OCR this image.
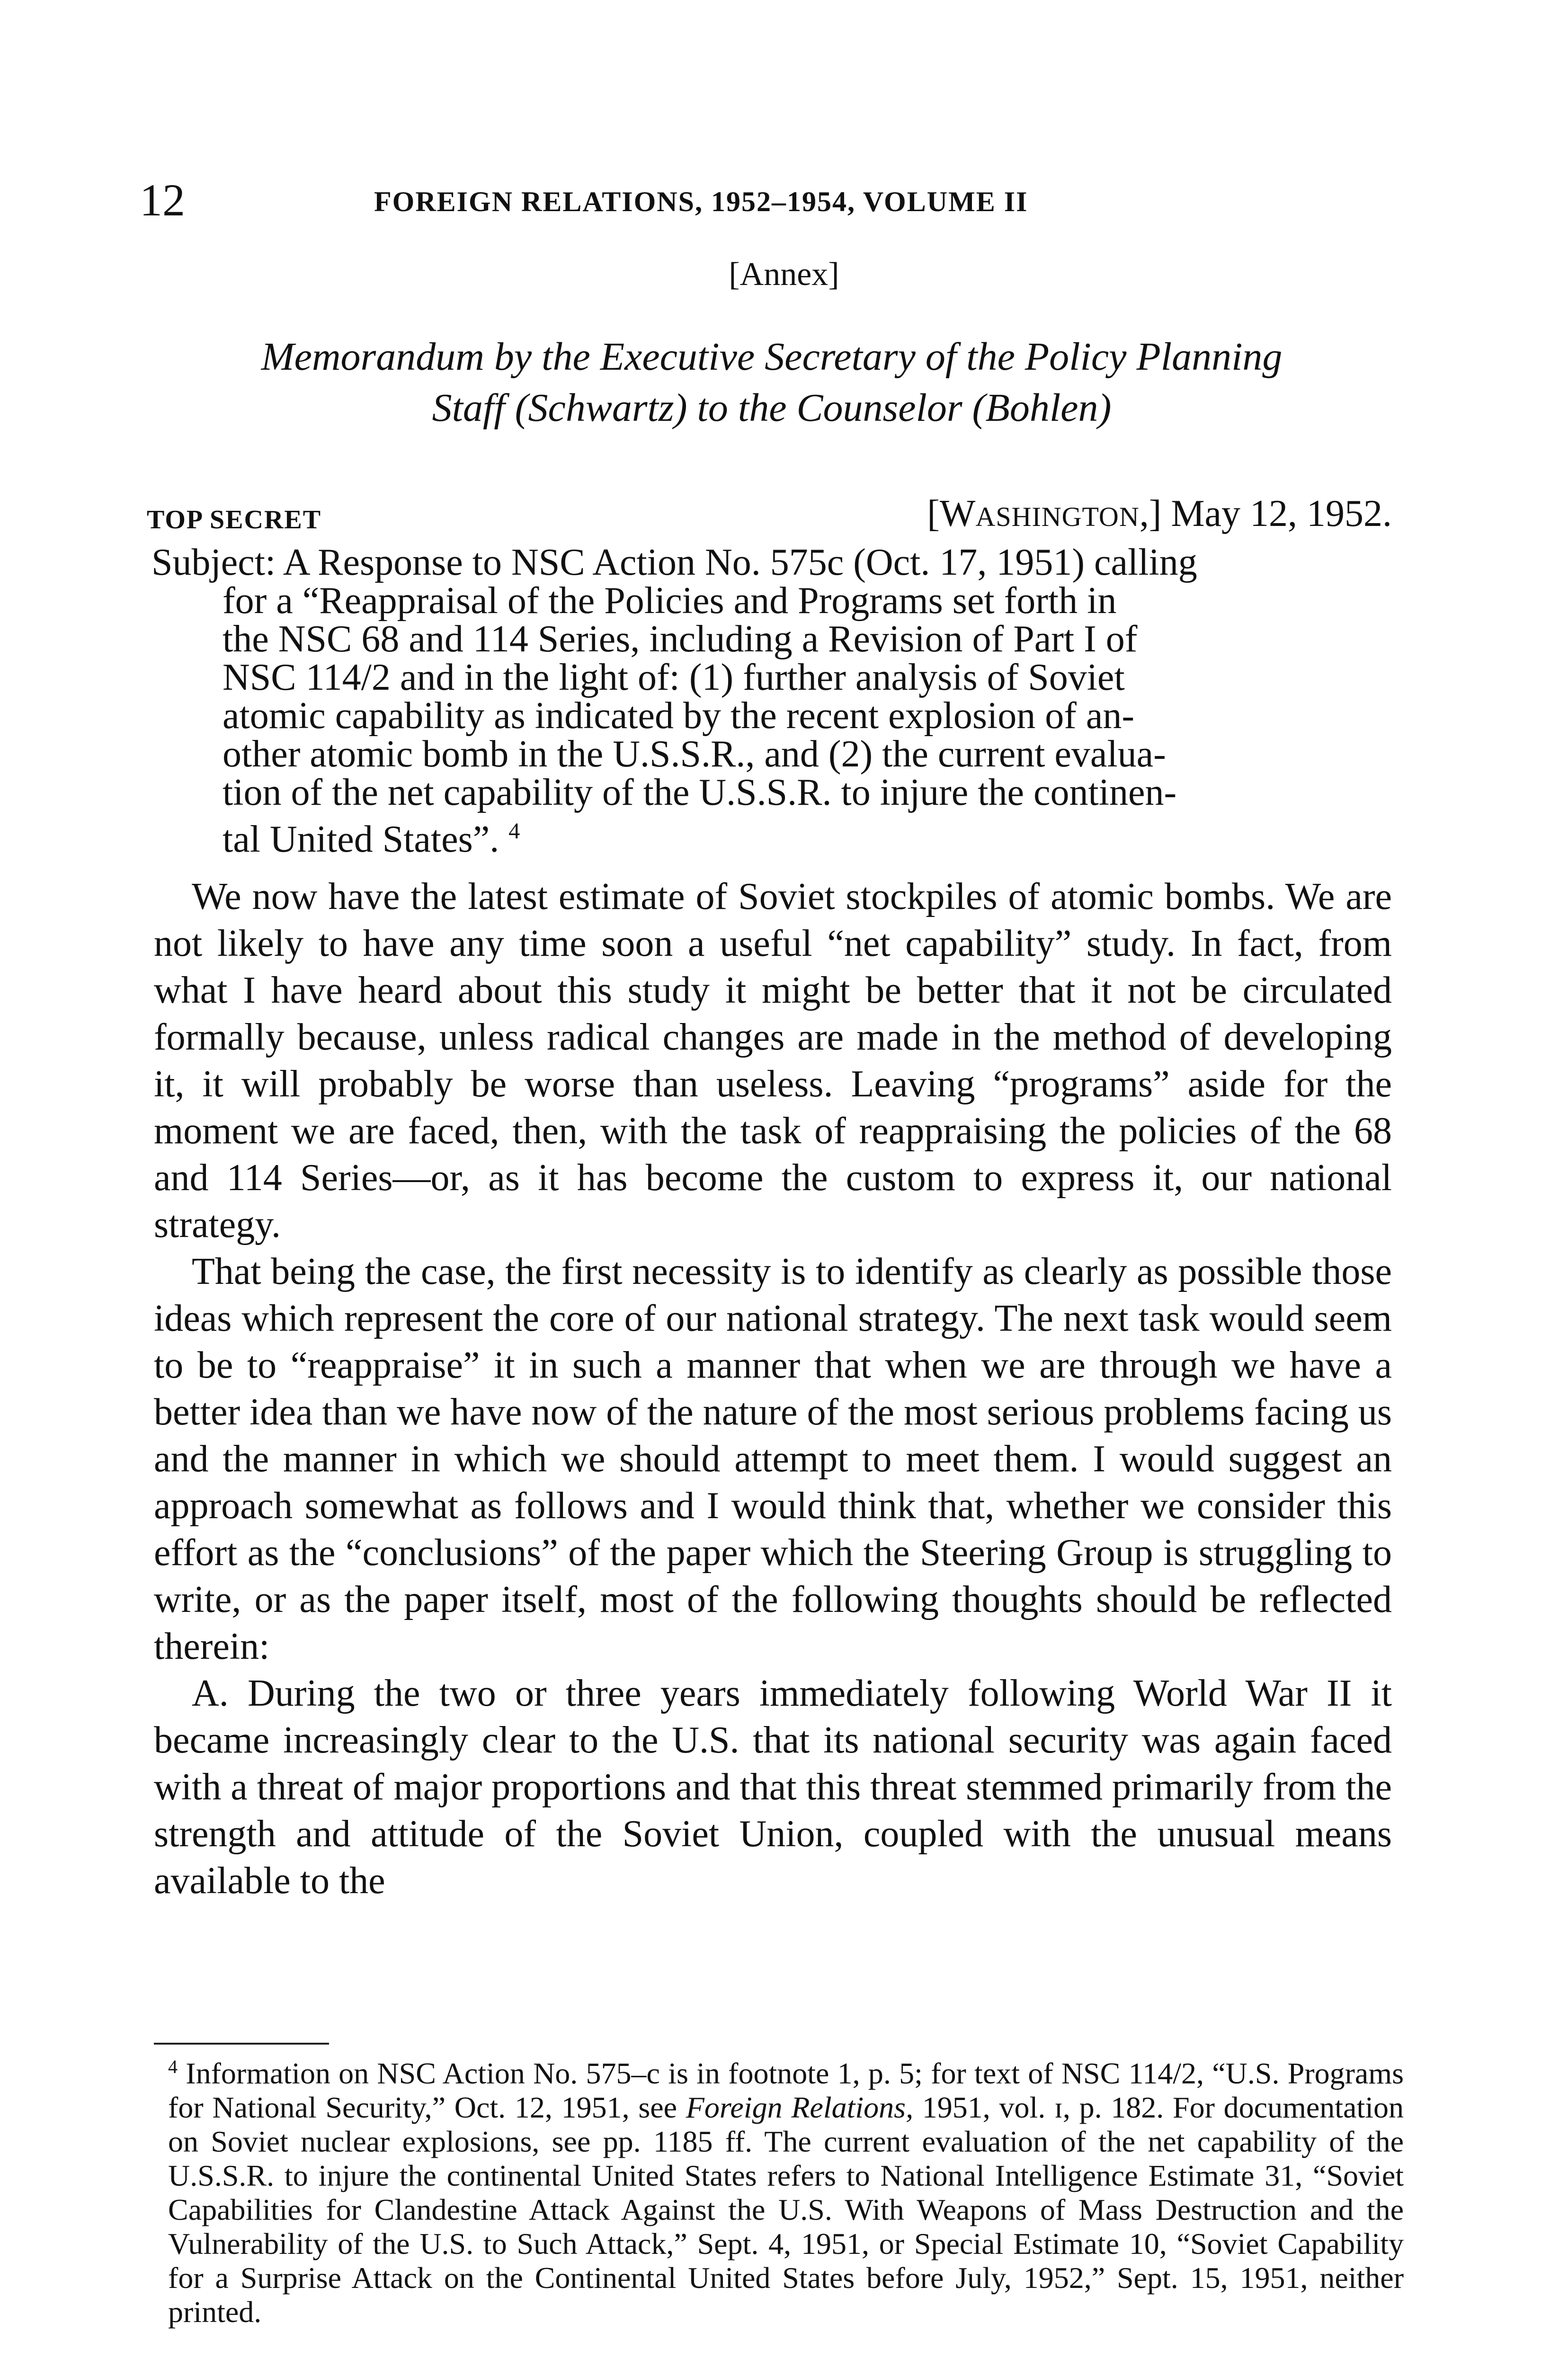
12	FOREIGN RELATIONS, 1952–1954, VOLUME II
[Annex]
Memorandum by the Executive Secretary of the Policy Planning
Staff (Schwartz) to the Counselor (Bohlen)
TOP SECRET	[WASHINGTON,] May 12, 1952.
Subject: A Response to NSC Action No. 575c (Oct. 17, 1951) calling
for a “Reappraisal of the Policies and Programs set forth in
the NSC 68 and 114 Series, including a Revision of Part I of
NSC 114/2 and in the light of: (1) further analysis of Soviet
atomic capability as indicated by the recent explosion of an-
other atomic bomb in the U.S.S.R., and (2) the current evalua-
tion of the net capability of the U.S.S.R. to injure the continen-
tal United States”. $^4$

We now have the latest estimate of Soviet stockpiles of atomic bombs. We are not likely to have any time soon a useful “net capability” study. In fact, from what I have heard about this study it might be better that it not be circulated formally because, unless radical changes are made in the method of developing it, it will probably be worse than useless. Leaving “programs” aside for the moment we are faced, then, with the task of reappraising the policies of the 68 and 114 Series—or, as it has become the custom to express it, our national strategy.

That being the case, the first necessity is to identify as clearly as possible those ideas which represent the core of our national strategy. The next task would seem to be to “reappraise” it in such a manner that when we are through we have a better idea than we have now of the nature of the most serious problems facing us and the manner in which we should attempt to meet them. I would suggest an approach somewhat as follows and I would think that, whether we consider this effort as the “conclusions” of the paper which the Steering Group is struggling to write, or as the paper itself, most of the following thoughts should be reflected therein:

A. During the two or three years immediately following World War II it became increasingly clear to the U.S. that its national security was again faced with a threat of major proportions and that this threat stemmed primarily from the strength and attitude of the Soviet Union, coupled with the unusual means available to the

$^4$ Information on NSC Action No. 575–c is in footnote 1, p. 5; for text of NSC 114/2, “U.S. Programs for National Security,” Oct. 12, 1951, see Foreign Relations, 1951, vol. ɪ, p. 182. For documentation on Soviet nuclear explosions, see pp. 1185 ff. The current evaluation of the net capability of the U.S.S.R. to injure the continental United States refers to National Intelligence Estimate 31, “Soviet Capabilities for Clandestine Attack Against the U.S. With Weapons of Mass Destruction and the Vulnerability of the U.S. to Such Attack,” Sept. 4, 1951, or Special Estimate 10, “Soviet Capability for a Surprise Attack on the Continental United States before July, 1952,” Sept. 15, 1951, neither printed.
